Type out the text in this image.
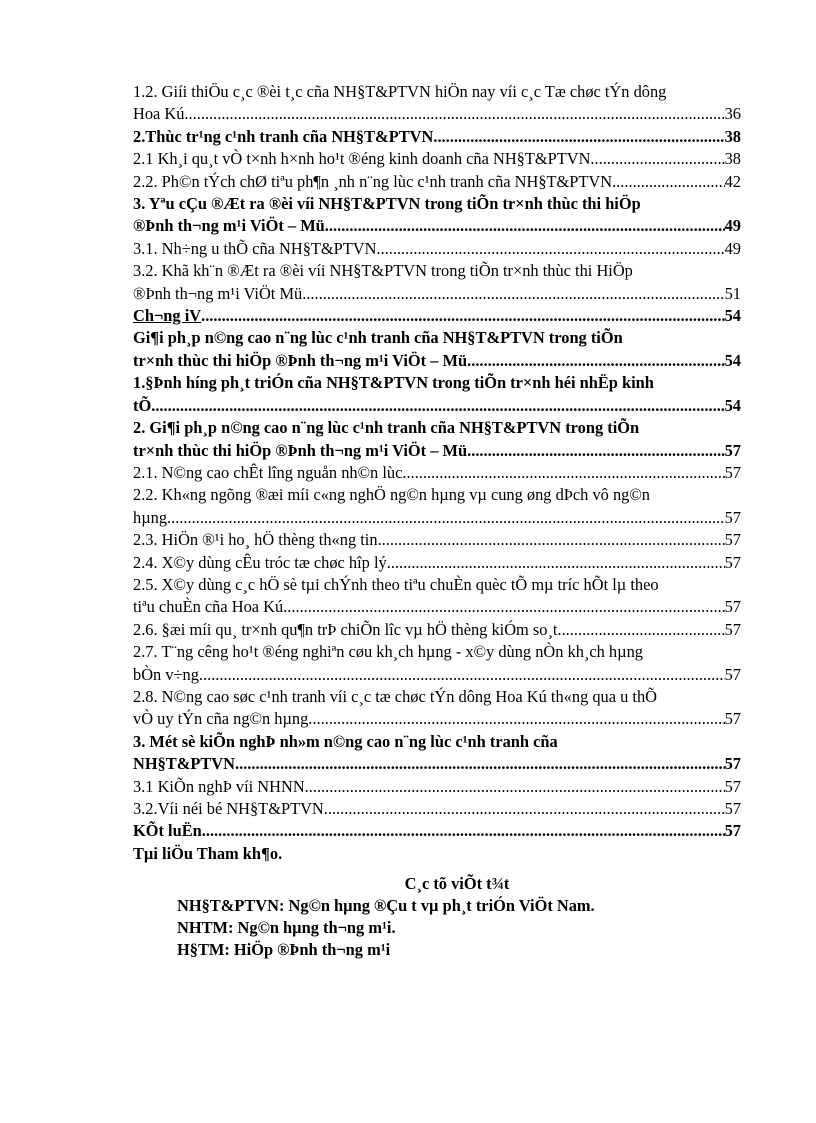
1.2. Giíi thiÖu c¸c ®èi t¸c cña NH§T&PTVN hiÖn nay víi c¸c Tæ chøc tÝn dông
Hoa Kú. .....	36
2.Thùc tr¹ng c¹nh tranh cña NH§T&PTVN .....	38
2.1 Kh¸i qu¸t vÒ t×nh h×nh ho¹t ®éng kinh doanh cña NH§T&PTVN. .....	38
2.2. Ph©n tÝch chØ tiªu ph¶n ¸nh n¨ng lùc c¹nh tranh cña NH§T&PTVN. .....	42
3. Yªu cÇu ®Æt ra ®èi víi NH§T&PTVN trong tiÕn tr×nh thùc thi hiÖp
®Þnh th¬ng m¹i ViÖt – Mü. .....	49
3.1. Nh÷ng u thÕ cña NH§T&PTVN. .....	49
3.2. Khã kh¨n ®Æt ra ®èi víi NH§T&PTVN trong tiÕn tr×nh thùc thi HiÖp
®Þnh th¬ng m¹i ViÖt Mü. .....	51
Ch¬ng iV .....	54
Gi¶i ph¸p n©ng cao n¨ng lùc c¹nh tranh cña NH§T&PTVN trong tiÕn
tr×nh thùc thi hiÖp ®Þnh th¬ng m¹i ViÖt – Mü. .....	54
1.§Þnh híng ph¸t triÓn cña NH§T&PTVN trong tiÕn tr×nh héi nhËp kinh
tÕ. .....	54
2. Gi¶i ph¸p n©ng cao n¨ng lùc c¹nh tranh cña NH§T&PTVN trong tiÕn
tr×nh thùc thi hiÖp ®Þnh th¬ng m¹i ViÖt – Mü. .....	57
2.1. N©ng cao chÊt lîng nguån nh©n lùc. .....	57
2.2. Kh«ng ngõng ®æi míi c«ng nghÖ ng©n hµng vµ cung øng dÞch vô ng©n
hµng. .....	57
2.3. HiÖn ®¹i ho¸ hÖ thèng th«ng tin .....	57
2.4. X©y dùng cÊu tróc tæ chøc hîp lý .....	57
2.5. X©y dùng c¸c hÖ sè tµi chÝnh theo tiªu chuÈn quèc tÕ mµ tríc hÕt lµ theo
tiªu chuÈn cña Hoa Kú. .....	57
2.6. §æi míi qu¸ tr×nh qu¶n trÞ chiÕn lîc vµ hÖ thèng kiÓm so¸t. .....	57
2.7. T¨ng cêng ho¹t ®éng nghiªn cøu kh¸ch hµng - x©y dùng nÒn kh¸ch hµng
bÒn v÷ng. .....	57
2.8. N©ng cao søc c¹nh tranh víi c¸c tæ chøc tÝn dông Hoa Kú th«ng qua u thÕ
vÒ uy tÝn cña ng©n hµng. .....	57
3. Mét sè kiÕn nghÞ nh»m n©ng cao n¨ng lùc c¹nh tranh cña
NH§T&PTVN .....	57
3.1 KiÕn nghÞ víi NHNN. .....	57
3.2.Víi néi bé NH§T&PTVN .....	57
KÕt luËn .....	57
Tµi liÖu Tham kh¶o.
C¸c tõ viÕt t¾t
NH§T&PTVN: Ng©n hµng ®Çu t vµ ph¸t triÓn ViÖt Nam.
NHTM: Ng©n hµng th¬ng m¹i.
H§TM: HiÖp ®Þnh th¬ng m¹i
